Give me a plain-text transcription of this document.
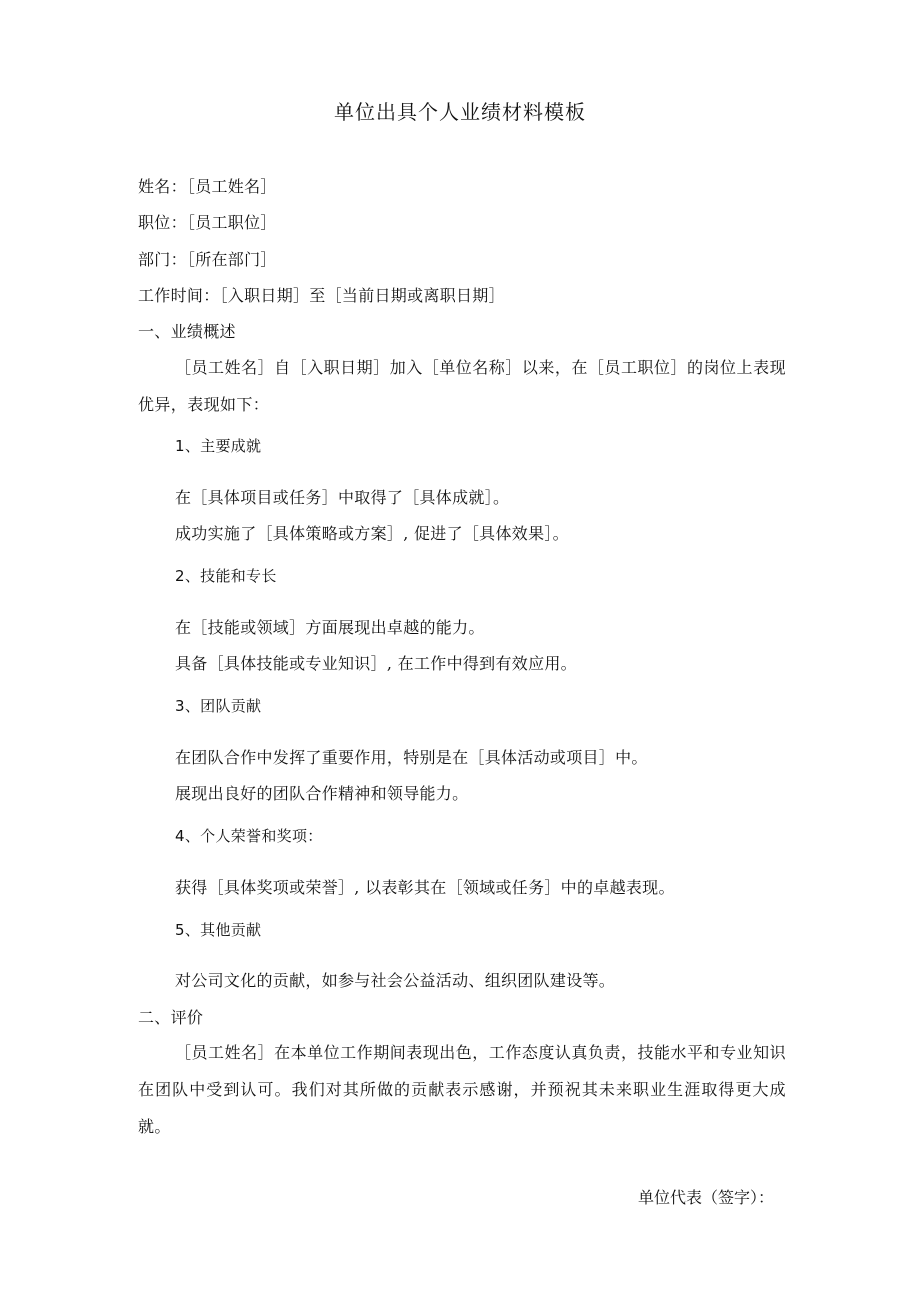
单位出具个人业绩材料模板
姓名：［员工姓名］
职位：［员工职位］
部门：［所在部门］
工作时间：［入职日期］至［当前日期或离职日期］
一、业绩概述
［员工姓名］自［入职日期］加入［单位名称］以来，在［员工职位］的岗位上表现优异，表现如下：
1、主要成就
在［具体项目或任务］中取得了［具体成就］。
成功实施了［具体策略或方案］, 促进了［具体效果］。
2、技能和专长
在［技能或领域］方面展现出卓越的能力。
具备［具体技能或专业知识］, 在工作中得到有效应用。
3、团队贡献
在团队合作中发挥了重要作用，特别是在［具体活动或项目］中。
展现出良好的团队合作精神和领导能力。
4、个人荣誉和奖项：
获得［具体奖项或荣誉］, 以表彰其在［领域或任务］中的卓越表现。
5、其他贡献
对公司文化的贡献，如参与社会公益活动、组织团队建设等。
二、评价
［员工姓名］在本单位工作期间表现出色，工作态度认真负责，技能水平和专业知识在团队中受到认可。我们对其所做的贡献表示感谢，并预祝其未来职业生涯取得更大成就。
单位代表（签字）：
